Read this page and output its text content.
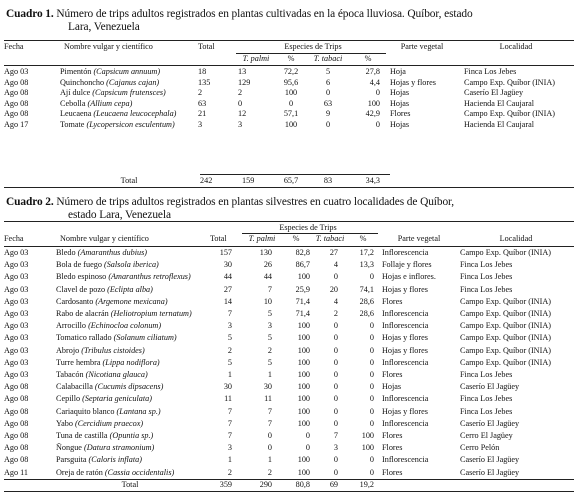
Cuadro 1. Número de trips adultos registrados en plantas cultivadas en la época lluviosa. Quíbor, estado
Lara, Venezuela
Fecha	Nombre vulgar y científico	Total	Especies de Trips	Parte vegetal	Localidad
T. palmi	%	T. tabaci	%
Ago 03	Pimentón (Capsicum annuum)	18	13	72,2	5	27,8 Hoja	Finca Los Jebes
Ago 08	Quinchoncho (Cajanus cajan)	135	129	95,6	6	4,4 Hojas y flores	Campo Exp. Quíbor (INIA)
Ago 08	Ají dulce (Capsicum frutensces)	2	2	100	0	0 Hojas	Caserío El Jagüey
Ago 08	Cebolla (Allium cepa)	63	0	0	63	100 Hojas	Hacienda El Caujaral
Ago 08	Leucaena (Leucaena leucocephala)	21	12	57,1	9	42,9 Flores	Campo Exp. Quíbor (INIA)
Ago 17	Tomate (Lycopersicon esculentum)	3	3	100	0	0 Hojas	Hacienda El Caujaral
Total	242	159	65,7	83	34,3
Cuadro 2. Número de trips adultos registrados en plantas silvestres en cuatro localidades de Quíbor,
estado Lara, Venezuela
Especies de Trips
Fecha	Nombre vulgar y científico	Total	T. palmi	%	T. tabaci	%	Parte vegetal	Localidad
Ago 03	Bledo (Amaranthus dubius)	157	130	82,8	27	17,2 Inflorescencia	Campo Exp. Quíbor (INIA)
Ago 03	Bola de fuego (Salsola iberica)	30	26	86,7	4	13,3 Follaje y flores	Finca Los Jebes
Ago 03	Bledo espinoso (Amaranthus retroflexus)	44	44	100	0	0 Hojas e inflores.	Finca Los Jebes
Ago 03	Clavel de pozo (Eclipta alba)	27	7	25,9	20	74,1 Hojas y flores	Finca Los Jebes
Ago 03	Cardosanto (Argemone mexicana)	14	10	71,4	4	28,6 Flores	Campo Exp. Quíbor (INIA)
Ago 03	Rabo de alacrán (Heliotropium ternatum)	7	5	71,4	2	28,6 Inflorescencia	Campo Exp. Quíbor (INIA)
Ago 03	Arrocillo (Echinocloa colonum)	3	3	100	0	0 Inflorescencia	Campo Exp. Quíbor (INIA)
Ago 03	Tomatico rallado (Solanum ciliatum)	5	5	100	0	0 Hojas y flores	Campo Exp. Quíbor (INIA)
Ago 03	Abrojo (Tribulus cistoides)	2	2	100	0	0 Hojas y flores	Campo Exp. Quíbor (INIA)
Ago 03	Turre hembra (Lippa nodiflora)	5	5	100	0	0 Inflorescencia	Campo Exp. Quíbor (INIA)
Ago 03	Tabacón (Nicotiana glauca)	1	1	100	0	0 Flores	Finca Los Jebes
Ago 08	Calabacilla (Cucumis dipsacens)	30	30	100	0	0 Hojas	Caserío El Jagüey
Ago 08	Cepillo (Septaria geniculata)	11	11	100	0	0 Inflorescencia	Finca Los Jebes
Ago 08	Cariaquito blanco (Lantana sp.)	7	7	100	0	0 Hojas y flores	Finca Los Jebes
Ago 08	Yabo (Cercidium praecox)	7	7	100	0	0 Inflorescencia	Caserío El Jagüey
Ago 08	Tuna de castilla (Opuntia sp.)	7	0	0	7	100 Flores	Cerro El Jagüey
Ago 08	Ñongue (Datura stramonium)	3	0	0	3	100 Flores	Cerro Pelón
Ago 08	Parsguita (Caloris inflata)	1	1	100	0	0 Inflorescencia	Caserío El Jagüey
Ago 11	Oreja de ratón (Cassia occidentalis)	2	2	100	0	0 Flores	Caserío El Jagüey
Total	359	290	80,8	69	19,2
